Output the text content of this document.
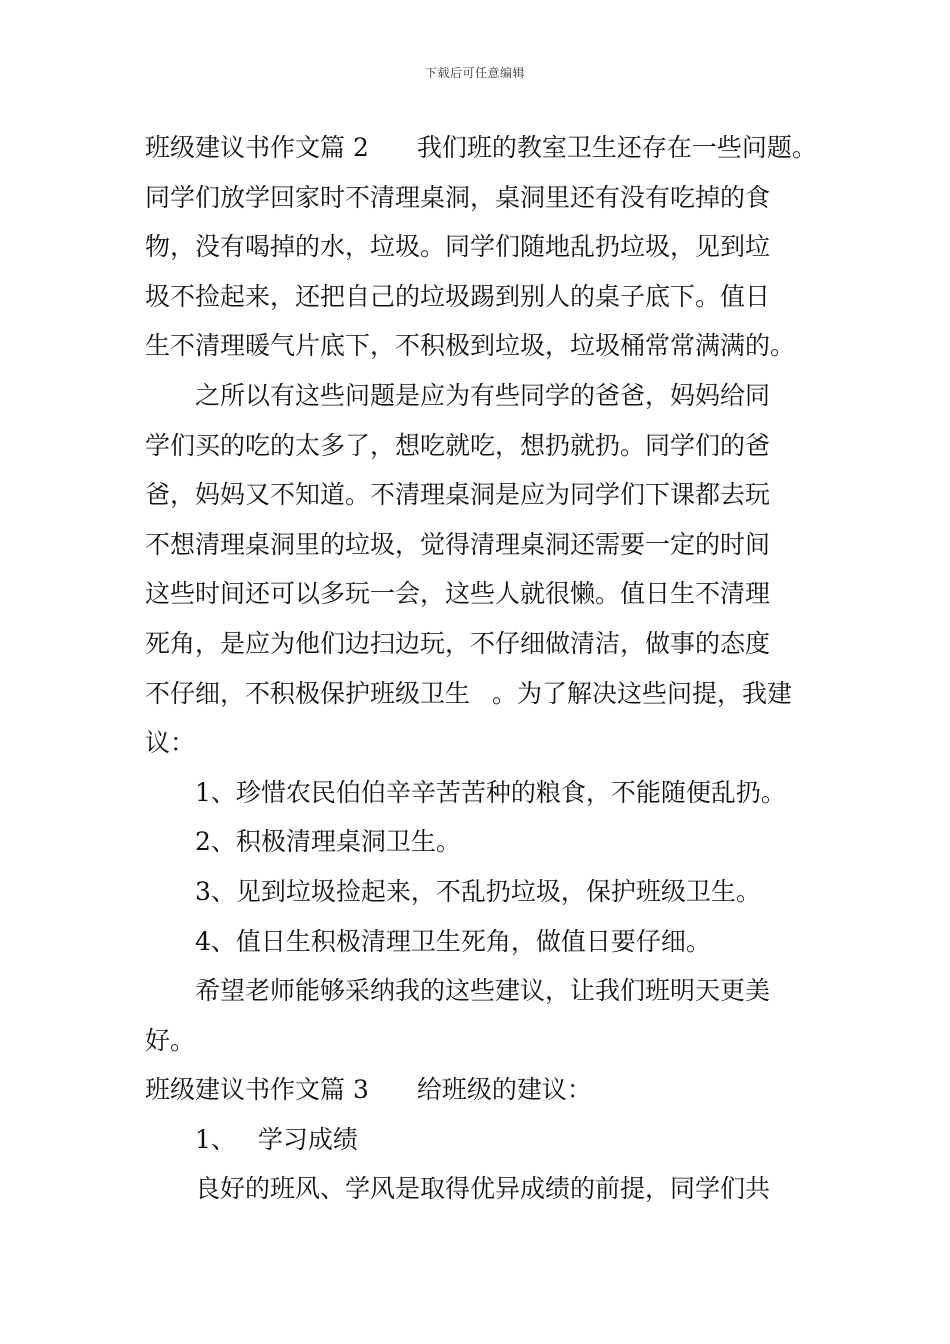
下载后可任意编辑
班级建议书作文篇 2 我们班的教室卫生还存在一些问题。
同学们放学回家时不清理桌洞，桌洞里还有没有吃掉的食
物，没有喝掉的水，垃圾。同学们随地乱扔垃圾，见到垃
圾不捡起来，还把自己的垃圾踢到别人的桌子底下。值日
生不清理暖气片底下，不积极到垃圾，垃圾桶常常满满的。
之所以有这些问题是应为有些同学的爸爸，妈妈给同
学们买的吃的太多了，想吃就吃，想扔就扔。同学们的爸
爸，妈妈又不知道。不清理桌洞是应为同学们下课都去玩
不想清理桌洞里的垃圾，觉得清理桌洞还需要一定的时间
这些时间还可以多玩一会，这些人就很懒。值日生不清理
死角，是应为他们边扫边玩，不仔细做清洁，做事的态度
不仔细，不积极保护班级卫生 。为了解决这些问提，我建
议：
1、珍惜农民伯伯辛辛苦苦种的粮食，不能随便乱扔。
2、积极清理桌洞卫生。
3、见到垃圾捡起来，不乱扔垃圾，保护班级卫生。
4、值日生积极清理卫生死角，做值日要仔细。
希望老师能够采纳我的这些建议，让我们班明天更美
好。
班级建议书作文篇 3 给班级的建议：
1、 学习成绩
良好的班风、学风是取得优异成绩的前提，同学们共
